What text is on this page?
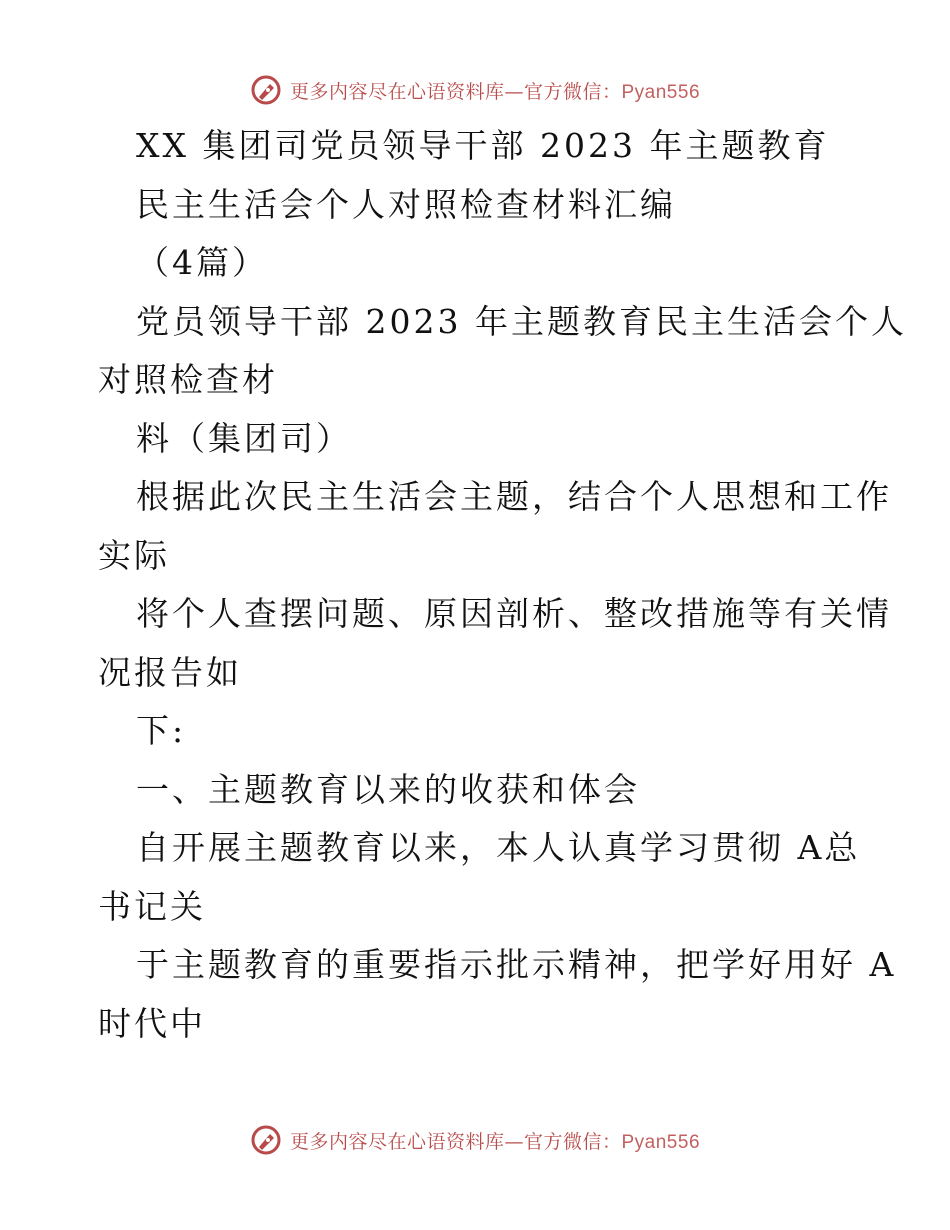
更多内容尽在心语资料库—官方微信：Pyan556
XX 集团司党员领导干部 2023 年主题教育
民主生活会个人对照检查材料汇编
（4篇）
党员领导干部 2023 年主题教育民主生活会个人
对照检查材
料（集团司）
根据此次民主生活会主题，结合个人思想和工作
实际
将个人查摆问题、原因剖析、整改措施等有关情
况报告如
下:
一、主题教育以来的收获和体会
自开展主题教育以来，本人认真学习贯彻 A总
书记关
于主题教育的重要指示批示精神，把学好用好 A
时代中
更多内容尽在心语资料库—官方微信：Pyan556
